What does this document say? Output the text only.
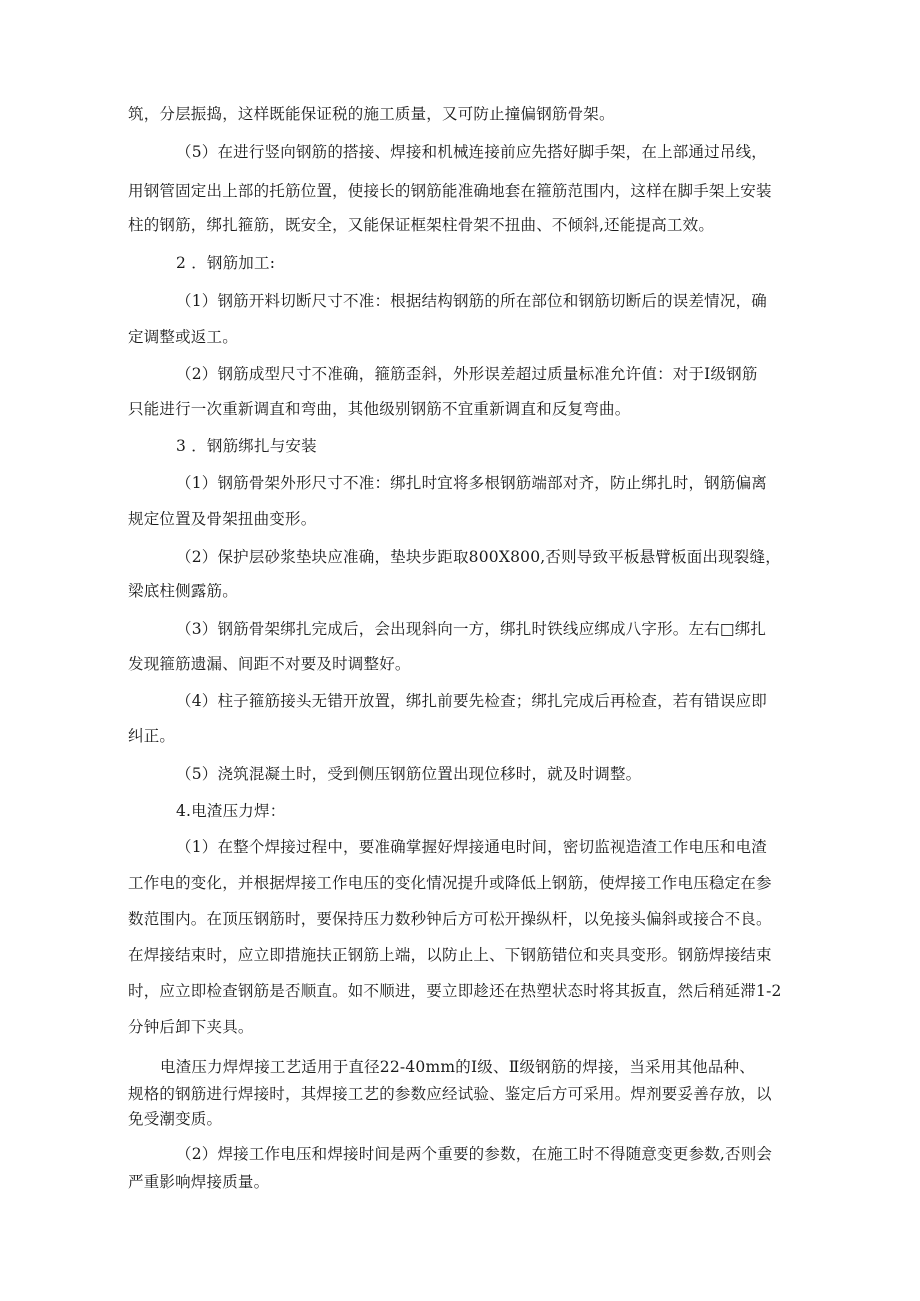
筑，分层振捣，这样既能保证税的施工质量，又可防止撞偏钢筋骨架。

（5）在进行竖向钢筋的搭接、焊接和机械连接前应先搭好脚手架，在上部通过吊线，

用钢管固定出上部的托筋位置，使接长的钢筋能准确地套在箍筋范围内，这样在脚手架上安装

柱的钢筋，绑扎箍筋，既安全，又能保证框架柱骨架不扭曲、不倾斜,还能提高工效。

2 ．钢筋加工:

（1）钢筋开料切断尺寸不准：根据结构钢筋的所在部位和钢筋切断后的误差情况，确

定调整或返工。

（2）钢筋成型尺寸不准确，箍筋歪斜，外形误差超过质量标准允许值：对于Ⅰ级钢筋

只能进行一次重新调直和弯曲，其他级别钢筋不宜重新调直和反复弯曲。

3 ．钢筋绑扎与安装

（1）钢筋骨架外形尺寸不准：绑扎时宜将多根钢筋端部对齐，防止绑扎时，钢筋偏离

规定位置及骨架扭曲变形。

（2）保护层砂浆垫块应准确，垫块步距取800X800,否则导致平板悬臂板面出现裂缝，

梁底柱侧露筋。

（3）钢筋骨架绑扎完成后，会出现斜向一方，绑扎时铁线应绑成八字形。左右□绑扎

发现箍筋遗漏、间距不对要及时调整好。

（4）柱子箍筋接头无错开放置，绑扎前要先检查；绑扎完成后再检查，若有错误应即

纠正。

（5）浇筑混凝土时，受到侧压钢筋位置出现位移时，就及时调整。

4.电渣压力焊：

（1）在整个焊接过程中，要准确掌握好焊接通电时间，密切监视造渣工作电压和电渣

工作电的变化，并根据焊接工作电压的变化情况提升或降低上钢筋，使焊接工作电压稳定在参

数范围内。在顶压钢筋时，要保持压力数秒钟后方可松开操纵杆，以免接头偏斜或接合不良。

在焊接结束时，应立即措施扶正钢筋上端，以防止上、下钢筋错位和夹具变形。钢筋焊接结束

时，应立即检查钢筋是否顺直。如不顺进，要立即趁还在热塑状态时将其扳直，然后稍延滞1-2

分钟后卸下夹具。

电渣压力焊焊接工艺适用于直径22-40mm的Ⅰ级、Ⅱ级钢筋的焊接，当采用其他品种、

规格的钢筋进行焊接时，其焊接工艺的参数应经试验、鉴定后方可采用。焊剂要妥善存放，以

免受潮变质。

（2）焊接工作电压和焊接时间是两个重要的参数，在施工时不得随意变更参数,否则会

严重影响焊接质量。
